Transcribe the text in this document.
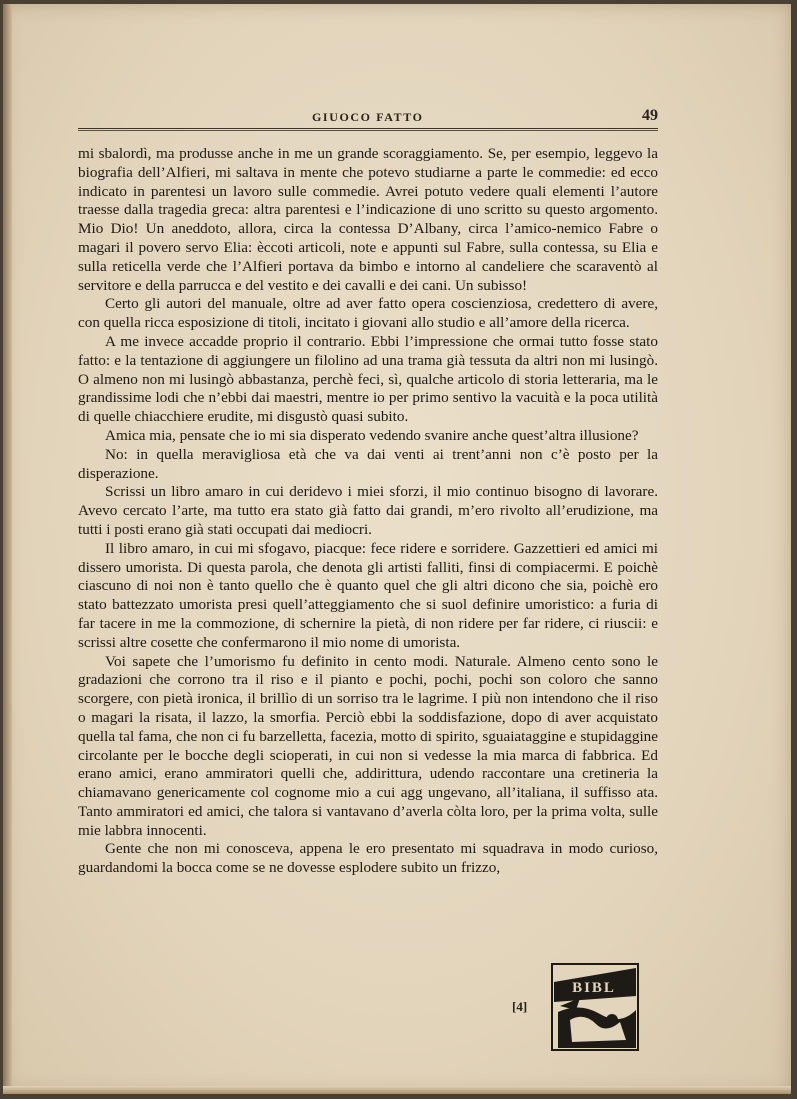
GIUOCO FATTO	49

mi sbalordì, ma produsse anche in me un grande scoraggiamento. Se, per esempio, leggevo la biografia dell’Alfieri, mi saltava in mente che potevo studiarne a parte le commedie: ed ecco indicato in parentesi un lavoro sulle commedie. Avrei potuto vedere quali elementi l’autore traesse dalla tragedia greca: altra parentesi e l’indicazione di uno scritto su questo argomento. Mio Dio! Un aneddoto, allora, circa la contessa D’Albany, circa l’amico-nemico Fabre o magari il povero servo Elia: èccoti articoli, note e appunti sul Fabre, sulla contessa, su Elia e sulla reticella verde che l’Alfieri portava da bimbo e intorno al candeliere che scaraventò al servitore e della parrucca e del vestito e dei cavalli e dei cani. Un subisso!

Certo gli autori del manuale, oltre ad aver fatto opera coscienziosa, credettero di avere, con quella ricca esposizione di titoli, incitato i giovani allo studio e all’amore della ricerca.

A me invece accadde proprio il contrario. Ebbi l’impressione che ormai tutto fosse stato fatto: e la tentazione di aggiungere un filolino ad una trama già tessuta da altri non mi lusingò. O almeno non mi lusingò abbastanza, perchè feci, sì, qualche articolo di storia letteraria, ma le grandissime lodi che n’ebbi dai maestri, mentre io per primo sentivo la vacuità e la poca utilità di quelle chiacchiere erudite, mi disgustò quasi subito.

Amica mia, pensate che io mi sia disperato vedendo svanire anche quest’altra illusione?

No: in quella meravigliosa età che va dai venti ai trent’anni non c’è posto per la disperazione.

Scrissi un libro amaro in cui deridevo i miei sforzi, il mio continuo bisogno di lavorare. Avevo cercato l’arte, ma tutto era stato già fatto dai grandi, m’ero rivolto all’erudizione, ma tutti i posti erano già stati occupati dai mediocri.

Il libro amaro, in cui mi sfogavo, piacque: fece ridere e sorridere. Gazzettieri ed amici mi dissero umorista. Di questa parola, che denota gli artisti falliti, finsi di compiacermi. E poichè ciascuno di noi non è tanto quello che è quanto quel che gli altri dicono che sia, poichè ero stato battezzato umorista presi quell’atteggiamento che si suol definire umoristico: a furia di far tacere in me la commozione, di schernire la pietà, di non ridere per far ridere, ci riuscii: e scrissi altre cosette che confermarono il mio nome di umorista.

Voi sapete che l’umorismo fu definito in cento modi. Naturale. Almeno cento sono le gradazioni che corrono tra il riso e il pianto e pochi, pochi, pochi son coloro che sanno scorgere, con pietà ironica, il brillìo di un sorriso tra le lagrime. I più non intendono che il riso o magari la risata, il lazzo, la smorfia. Perciò ebbi la soddisfazione, dopo di aver acquistato quella tal fama, che non ci fu barzelletta, facezia, motto di spirito, sguaiataggine e stupidaggine circolante per le bocche degli scioperati, in cui non si vedesse la mia marca di fabbrica. Ed erano amici, erano ammiratori quelli che, addirittura, udendo raccontare una cretineria la chiamavano genericamente col cognome mio a cui agg ungevano, all’italiana, il suffisso ata. Tanto ammiratori ed amici, che talora si vantavano d’averla còlta loro, per la prima volta, sulle mie labbra innocenti.

Gente che non mi conosceva, appena le ero presentato mi squadrava in modo curioso, guardandomi la bocca come se ne dovesse esplodere subito un frizzo,

[4]
BIBL
